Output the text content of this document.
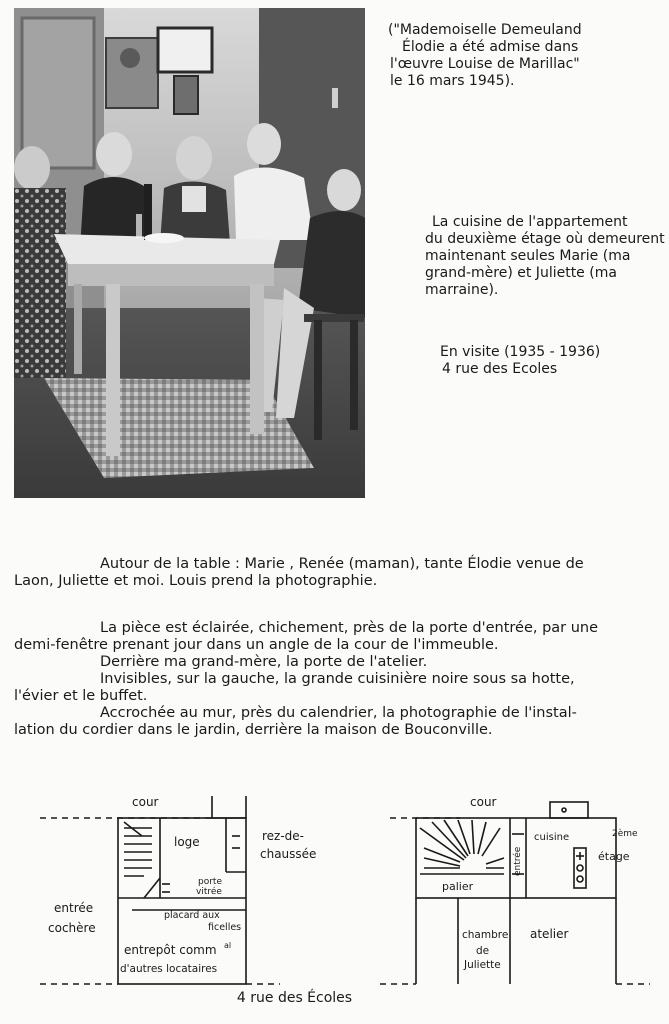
("Mademoiselle Demeuland
Élodie a été admise dans
l'œuvre Louise de Marillac"
le 16 mars 1945).
La cuisine de l'appartement
du deuxième étage où demeurent
maintenant seules Marie (ma
grand-mère) et Juliette (ma
marraine).
En visite (1935 - 1936)
4 rue des Ecoles
Autour de la table : Marie , Renée (maman), tante Élodie venue de
Laon, Juliette et moi. Louis prend la photographie.
La pièce est éclairée, chichement, près de la porte d'entrée, par une
demi-fenêtre prenant jour dans un angle de la cour de l'immeuble.
Derrière ma grand-mère, la porte de l'atelier.
Invisibles, sur la gauche, la grande cuisinière noire sous sa hotte,
l'évier et le buffet.
Accrochée au mur, près du calendrier, la photographie de l'instal-
lation du cordier dans le jardin, derrière la maison de Bouconville.
cour
loge	rez-de-
chaussée
porte
vitrée
placard aux
ficelles
entrée
cochère
entrepôt comm al
d'autres locataires
cour
cuisine	2ème
étage
entrée
palier
chambre
de
Juliette
atelier
4 rue des Écoles
